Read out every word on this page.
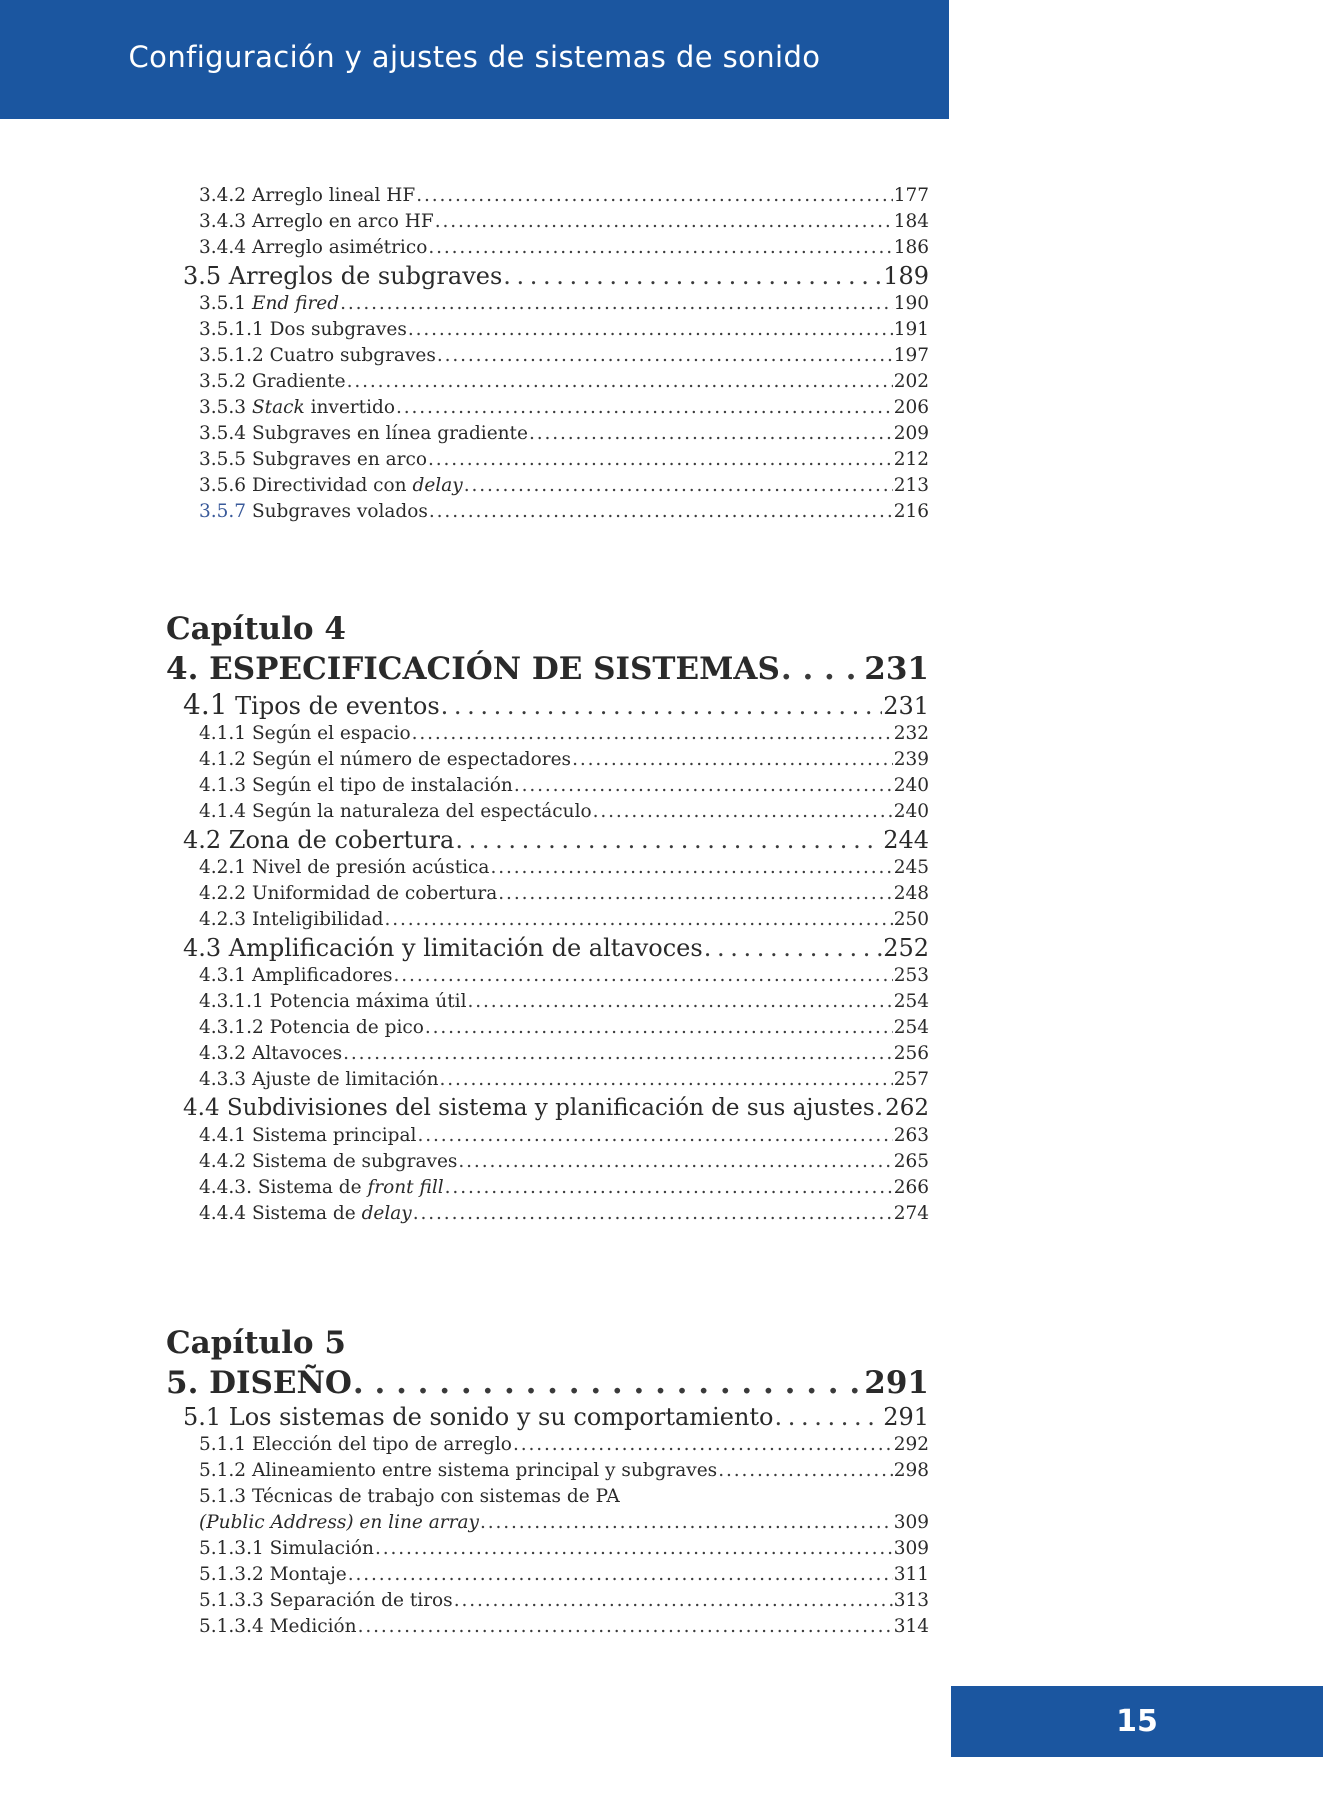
Configuración y ajustes de sistemas de sonido
3.4.2 Arreglo lineal HF . . .	177
3.4.3 Arreglo en arco HF . . .	184
3.4.4 Arreglo asimétrico . . .	186
3.5 Arreglos de subgraves . . .	189
3.5.1 End fired . . .	190
3.5.1.1 Dos subgraves . . .	191
3.5.1.2 Cuatro subgraves . . .	197
3.5.2 Gradiente . . .	202
3.5.3 Stack invertido . . .	206
3.5.4 Subgraves en línea gradiente . . .	209
3.5.5 Subgraves en arco . . .	212
3.5.6 Directividad con delay . . .	213
3.5.7 Subgraves volados . . .	216
Capítulo 4
4. ESPECIFICACIÓN DE SISTEMAS . . .	231
4.1 Tipos de eventos . . .	231
4.1.1 Según el espacio . . .	232
4.1.2 Según el número de espectadores . . .	239
4.1.3 Según el tipo de instalación . . .	240
4.1.4 Según la naturaleza del espectáculo . . .	240
4.2 Zona de cobertura . . .	244
4.2.1 Nivel de presión acústica . . .	245
4.2.2 Uniformidad de cobertura . . .	248
4.2.3 Inteligibilidad . . .	250
4.3 Amplificación y limitación de altavoces . . .	252
4.3.1 Amplificadores . . .	253
4.3.1.1 Potencia máxima útil . . .	254
4.3.1.2 Potencia de pico . . .	254
4.3.2 Altavoces . . .	256
4.3.3 Ajuste de limitación . . .	257
4.4 Subdivisiones del sistema y planificación de sus ajustes . . . 262
4.4.1 Sistema principal . . .	263
4.4.2 Sistema de subgraves . . .	265
4.4.3. Sistema de front fill . . .	266
4.4.4 Sistema de delay . . .	274
Capítulo 5
5. DISEÑO . . .	291
5.1 Los sistemas de sonido y su comportamiento . . .	291
5.1.1 Elección del tipo de arreglo . . .	292
5.1.2 Alineamiento entre sistema principal y subgraves . . .	298
5.1.3 Técnicas de trabajo con sistemas de PA
(Public Address) en line array . . .	309
5.1.3.1 Simulación . . .	309
5.1.3.2 Montaje . . .	311
5.1.3.3 Separación de tiros . . .	313
5.1.3.4 Medición . . .	314
15
